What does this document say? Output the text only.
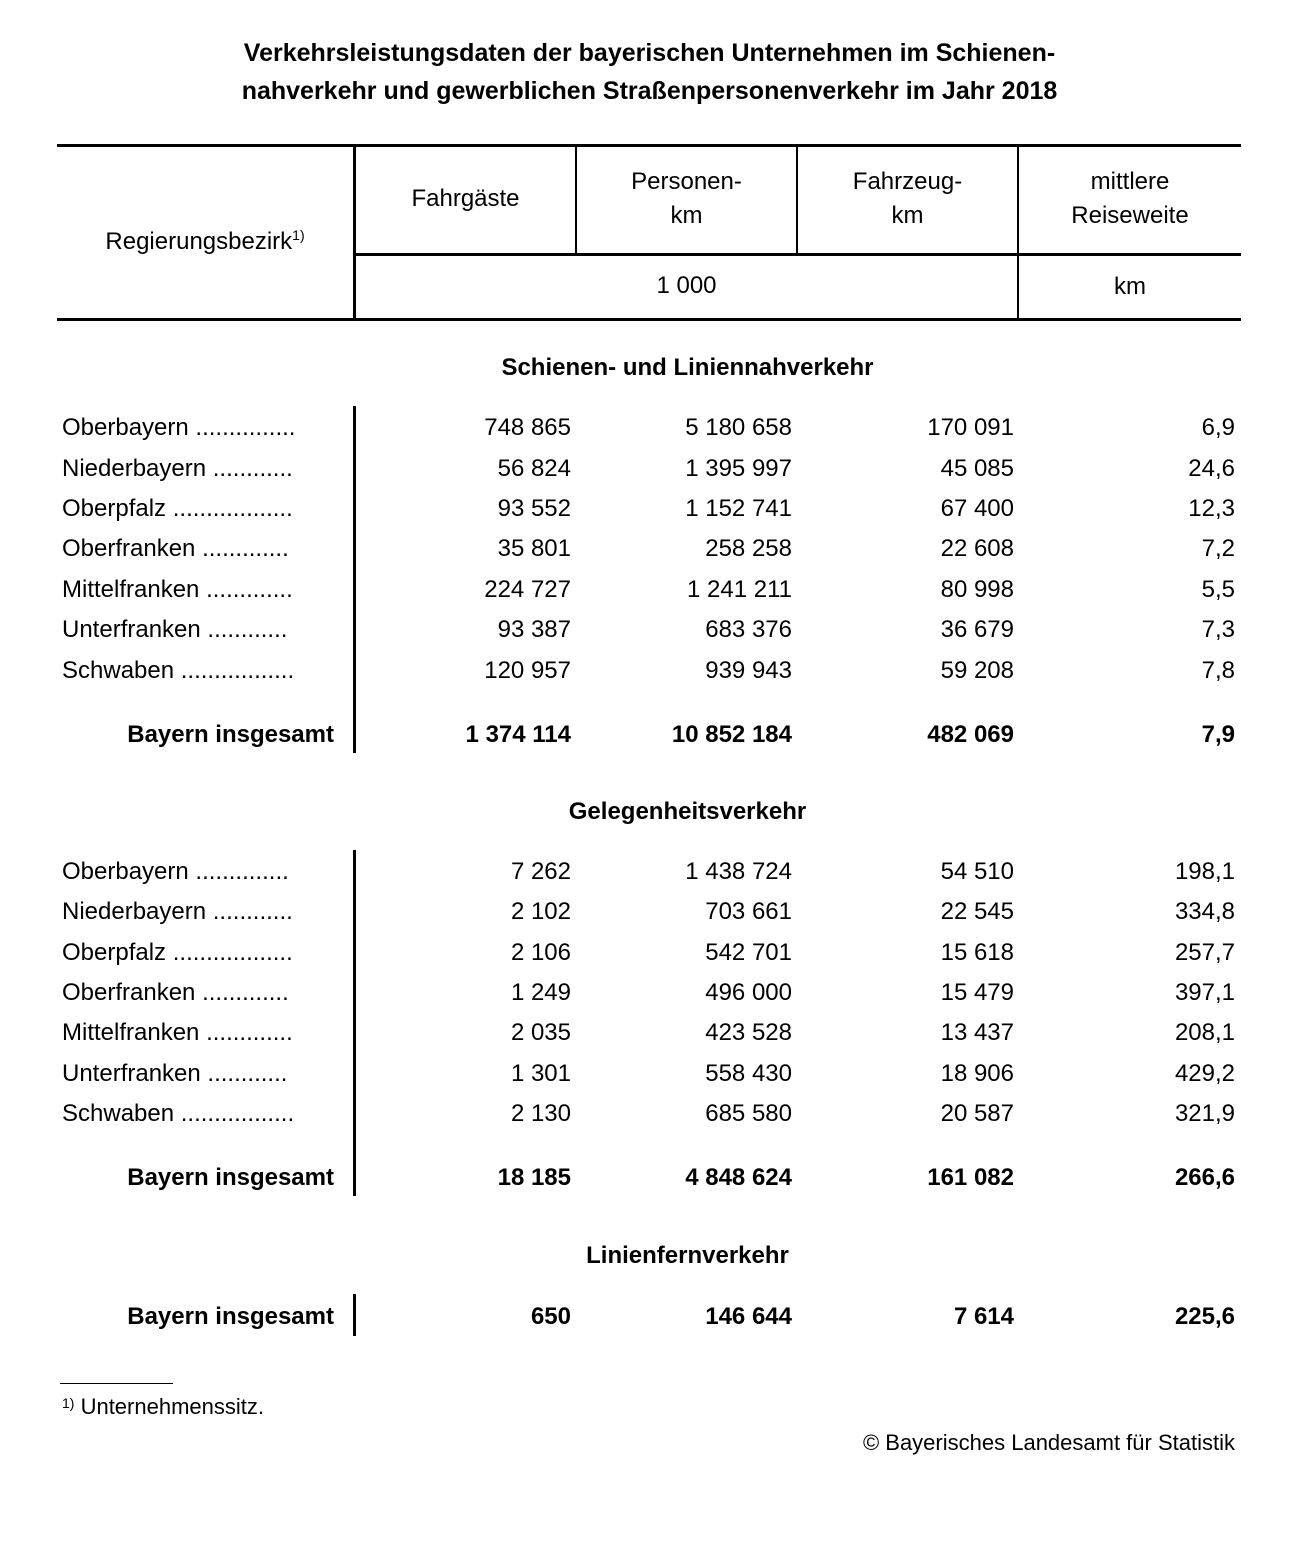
Verkehrsleistungsdaten der bayerischen Unternehmen im Schienen-
nahverkehr und gewerblichen Straßenpersonenverkehr im Jahr 2018
Regierungsbezirk$^{1)}$
Fahrgäste
Personen-
km
Fahrzeug-
km
mittlere
Reiseweite
1 000	km
Schienen- und Liniennahverkehr
Oberbayern ...............	748 865	5 180 658	170 091	6,9
Niederbayern ............	56 824	1 395 997	45 085	24,6
Oberpfalz ..................	93 552	1 152 741	67 400	12,3
Oberfranken .............	35 801	258 258	22 608	7,2
Mittelfranken .............	224 727	1 241 211	80 998	5,5
Unterfranken ............	93 387	683 376	36 679	7,3
Schwaben .................	120 957	939 943	59 208	7,8
Bayern insgesamt	1 374 114	10 852 184	482 069	7,9
Gelegenheitsverkehr
Oberbayern ..............	7 262	1 438 724	54 510	198,1
Niederbayern ............	2 102	703 661	22 545	334,8
Oberpfalz ..................	2 106	542 701	15 618	257,7
Oberfranken .............	1 249	496 000	15 479	397,1
Mittelfranken .............	2 035	423 528	13 437	208,1
Unterfranken ............	1 301	558 430	18 906	429,2
Schwaben .................	2 130	685 580	20 587	321,9
Bayern insgesamt	18 185	4 848 624	161 082	266,6
Linienfernverkehr
Bayern insgesamt	650	146 644	7 614	225,6
$^{1)}$ Unternehmenssitz.
© Bayerisches Landesamt für Statistik
